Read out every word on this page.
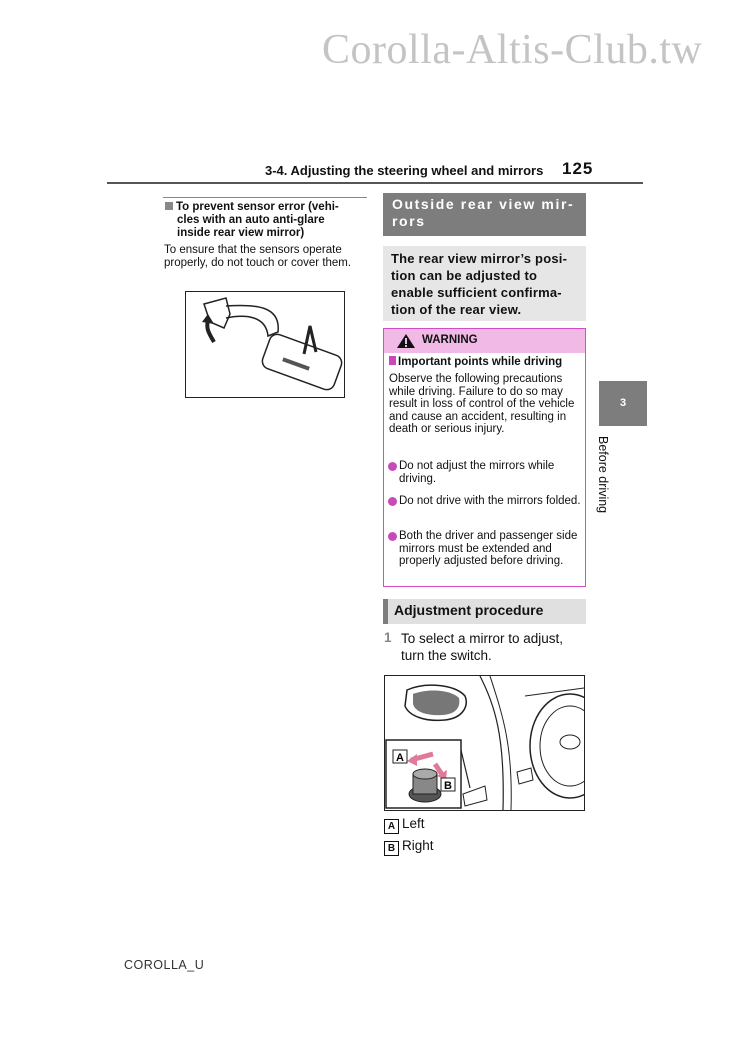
Corolla-Altis-Club.tw
3-4. Adjusting the steering wheel and mirrors 125
To prevent sensor error (vehi-
cles with an auto anti-glare
inside rear view mirror)
To ensure that the sensors operate properly, do not touch or cover them.
Outside rear view mir-rors
The rear view mirror’s posi-tion can be adjusted to enable sufficient confirma-tion of the rear view.
WARNING
Important points while driving
Observe the following precautions while driving. Failure to do so may result in loss of control of the vehicle and cause an accident, resulting in death or serious injury.
Do not adjust the mirrors while driving.
Do not drive with the mirrors folded.
Both the driver and passenger side mirrors must be extended and properly adjusted before driving.
Adjustment procedure
1 To select a mirror to adjust, turn the switch.
A
B
A Left
B Right
3
Before driving
COROLLA_U
